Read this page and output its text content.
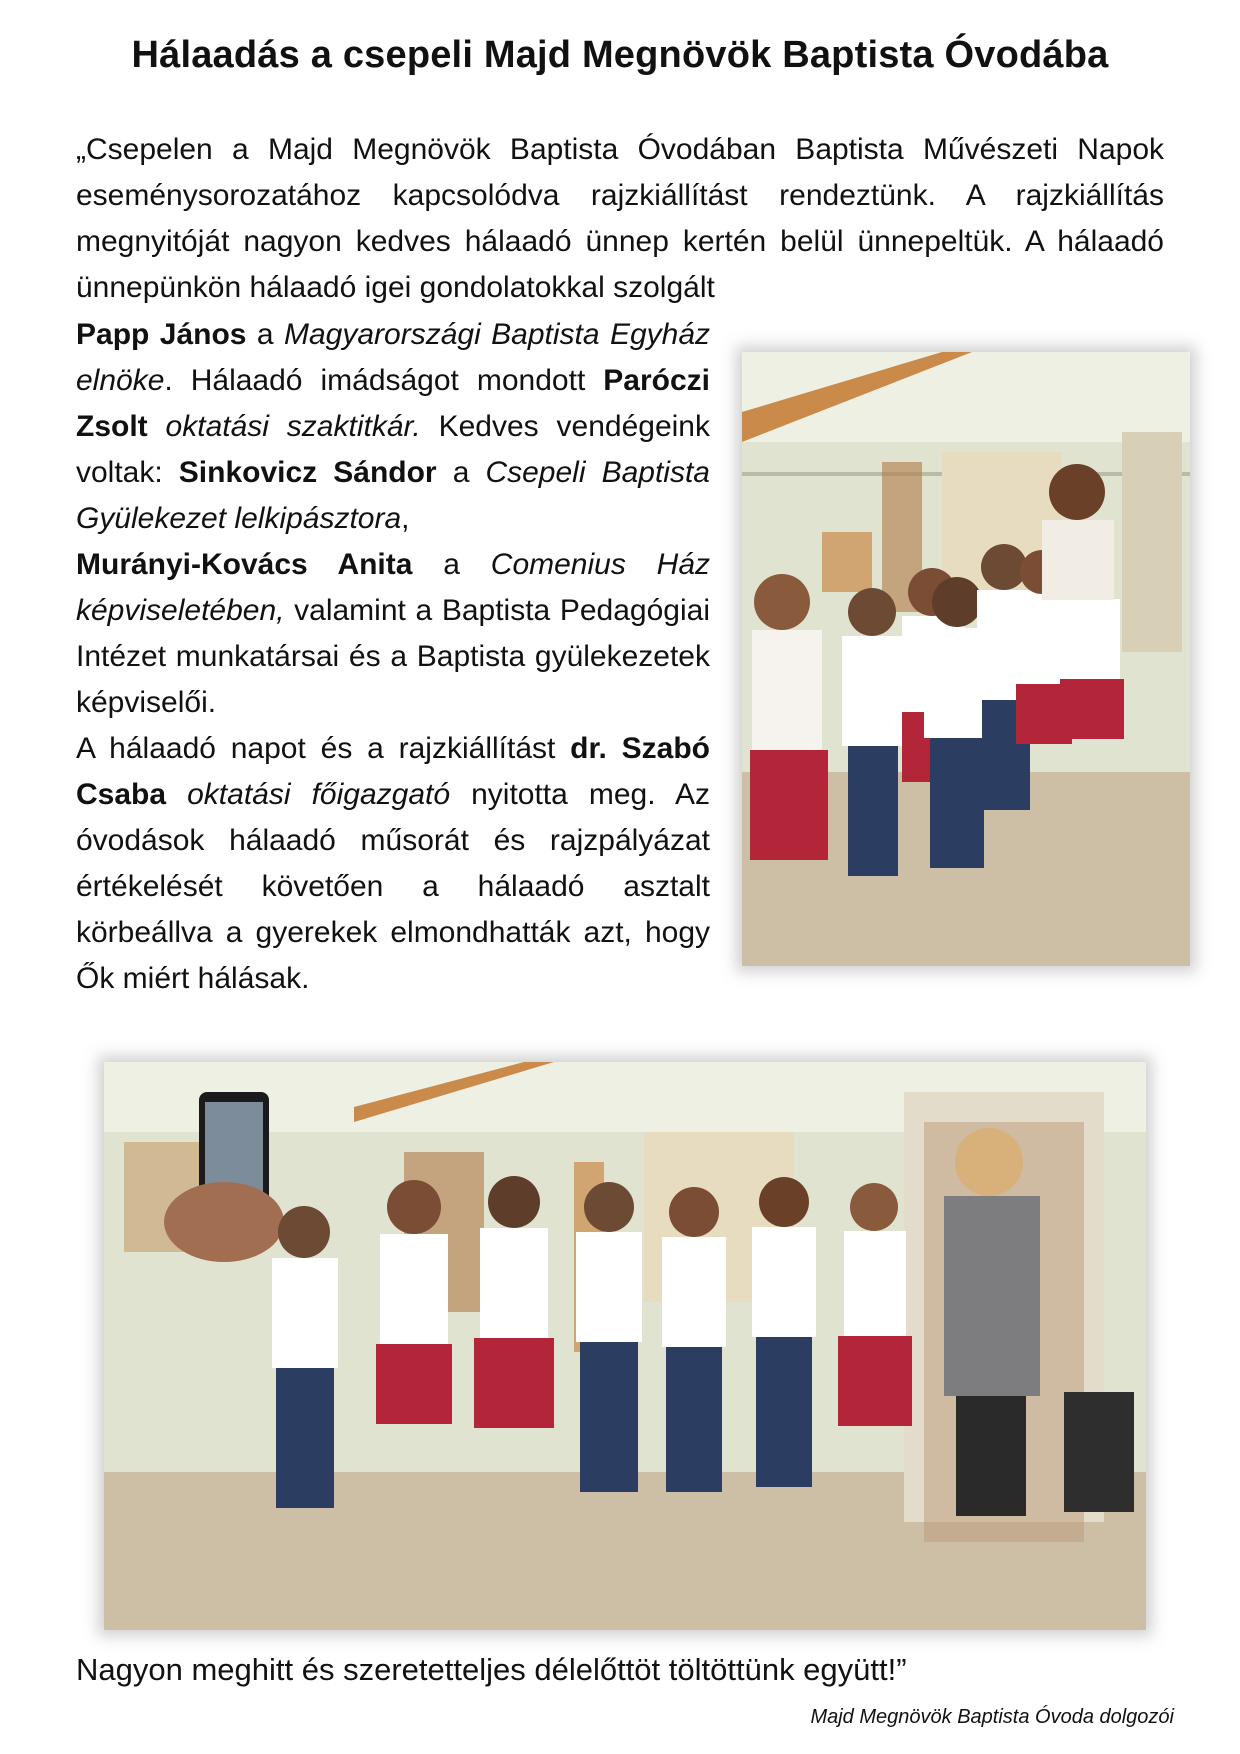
Hálaadás a csepeli Majd Megnövök Baptista Óvodába

„Csepelen a Majd Megnövök Baptista Óvodában Baptista Művészeti Napok eseménysorozatához kapcsolódva rajzkiállítást rendeztünk. A rajzkiállítás megnyitóját nagyon kedves hálaadó ünnep kertén belül ünnepeltük. A hálaadó ünnepünkön hálaadó igei gondolatokkal szolgált

Papp János a Magyarországi Baptista Egyház elnöke. Hálaadó imádságot mondott Paróczi Zsolt oktatási szaktitkár. Kedves vendégeink voltak: Sinkovicz Sándor a Csepeli Baptista Gyülekezet lelkipásztora,

Murányi-Kovács Anita a Comenius Ház képviseletében, valamint a Baptista Pedagógiai Intézet munkatársai és a Baptista gyülekezetek képviselői.

A hálaadó napot és a rajzkiállítást dr. Szabó Csaba oktatási főigazgató nyitotta meg. Az óvodások hálaadó műsorát és rajzpályázat értékelését követően a hálaadó asztalt körbeállva a gyerekek elmondhatták azt, hogy Ők miért hálásak.

Nagyon meghitt és szeretetteljes délelőttöt töltöttünk együtt!”

Majd Megnövök Baptista Óvoda dolgozói
